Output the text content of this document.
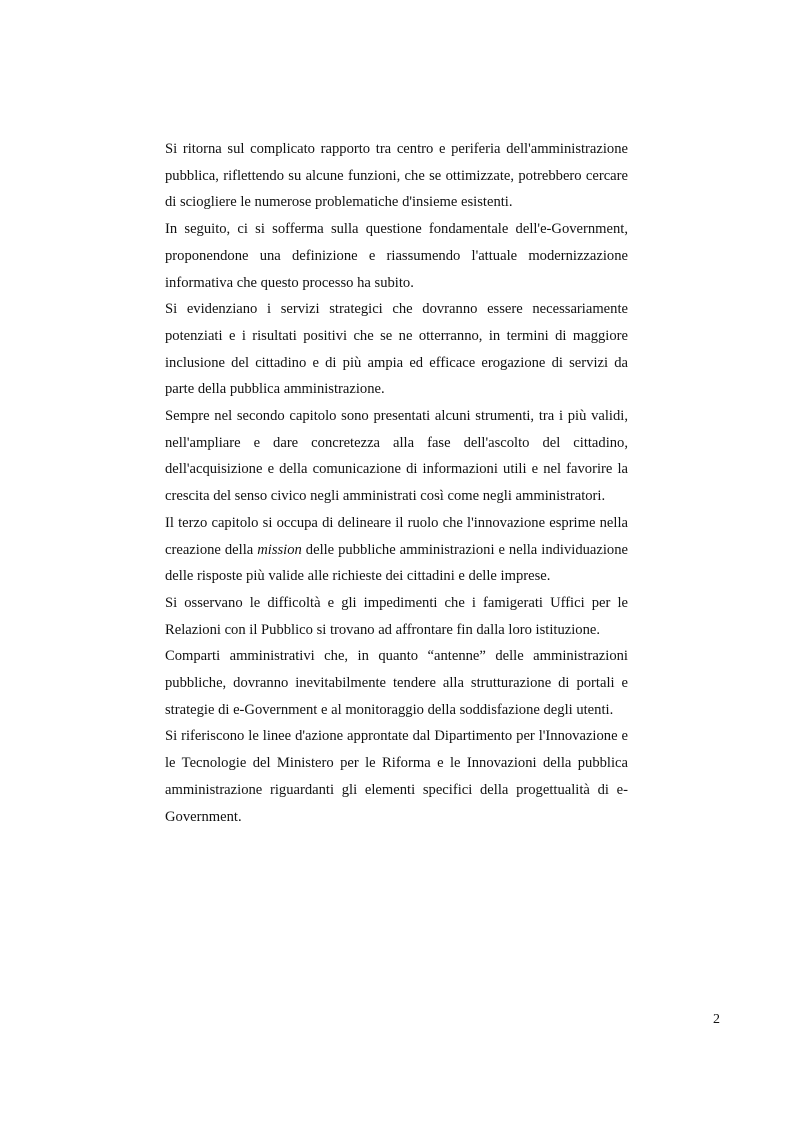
Si ritorna sul complicato rapporto tra centro e periferia dell'amministrazione pubblica, riflettendo su alcune funzioni, che se ottimizzate, potrebbero cercare di sciogliere le numerose problematiche d'insieme esistenti.

In seguito, ci si sofferma sulla questione fondamentale dell'e-Government, proponendone una definizione e riassumendo l'attuale modernizzazione informativa che questo processo ha subito.

Si evidenziano i servizi strategici che dovranno essere necessariamente potenziati e i risultati positivi che se ne otterranno, in termini di maggiore inclusione del cittadino e di più ampia ed efficace erogazione di servizi da parte della pubblica amministrazione.

Sempre nel secondo capitolo sono presentati alcuni strumenti, tra i più validi, nell'ampliare e dare concretezza alla fase dell'ascolto del cittadino, dell'acquisizione e della comunicazione di informazioni utili e nel favorire la crescita del senso civico negli amministrati così come negli amministratori.

Il terzo capitolo si occupa di delineare il ruolo che l'innovazione esprime nella creazione della mission delle pubbliche amministrazioni e nella individuazione delle risposte più valide alle richieste dei cittadini e delle imprese.

Si osservano le difficoltà e gli impedimenti che i famigerati Uffici per le Relazioni con il Pubblico si trovano ad affrontare fin dalla loro istituzione.

Comparti amministrativi che, in quanto “antenne” delle amministrazioni pubbliche, dovranno inevitabilmente tendere alla strutturazione di portali e strategie di e-Government e al monitoraggio della soddisfazione degli utenti.

Si riferiscono le linee d'azione approntate dal Dipartimento per l'Innovazione e le Tecnologie del Ministero per le Riforma e le Innovazioni della pubblica amministrazione riguardanti gli elementi specifici della progettualità di e-Government.

2
